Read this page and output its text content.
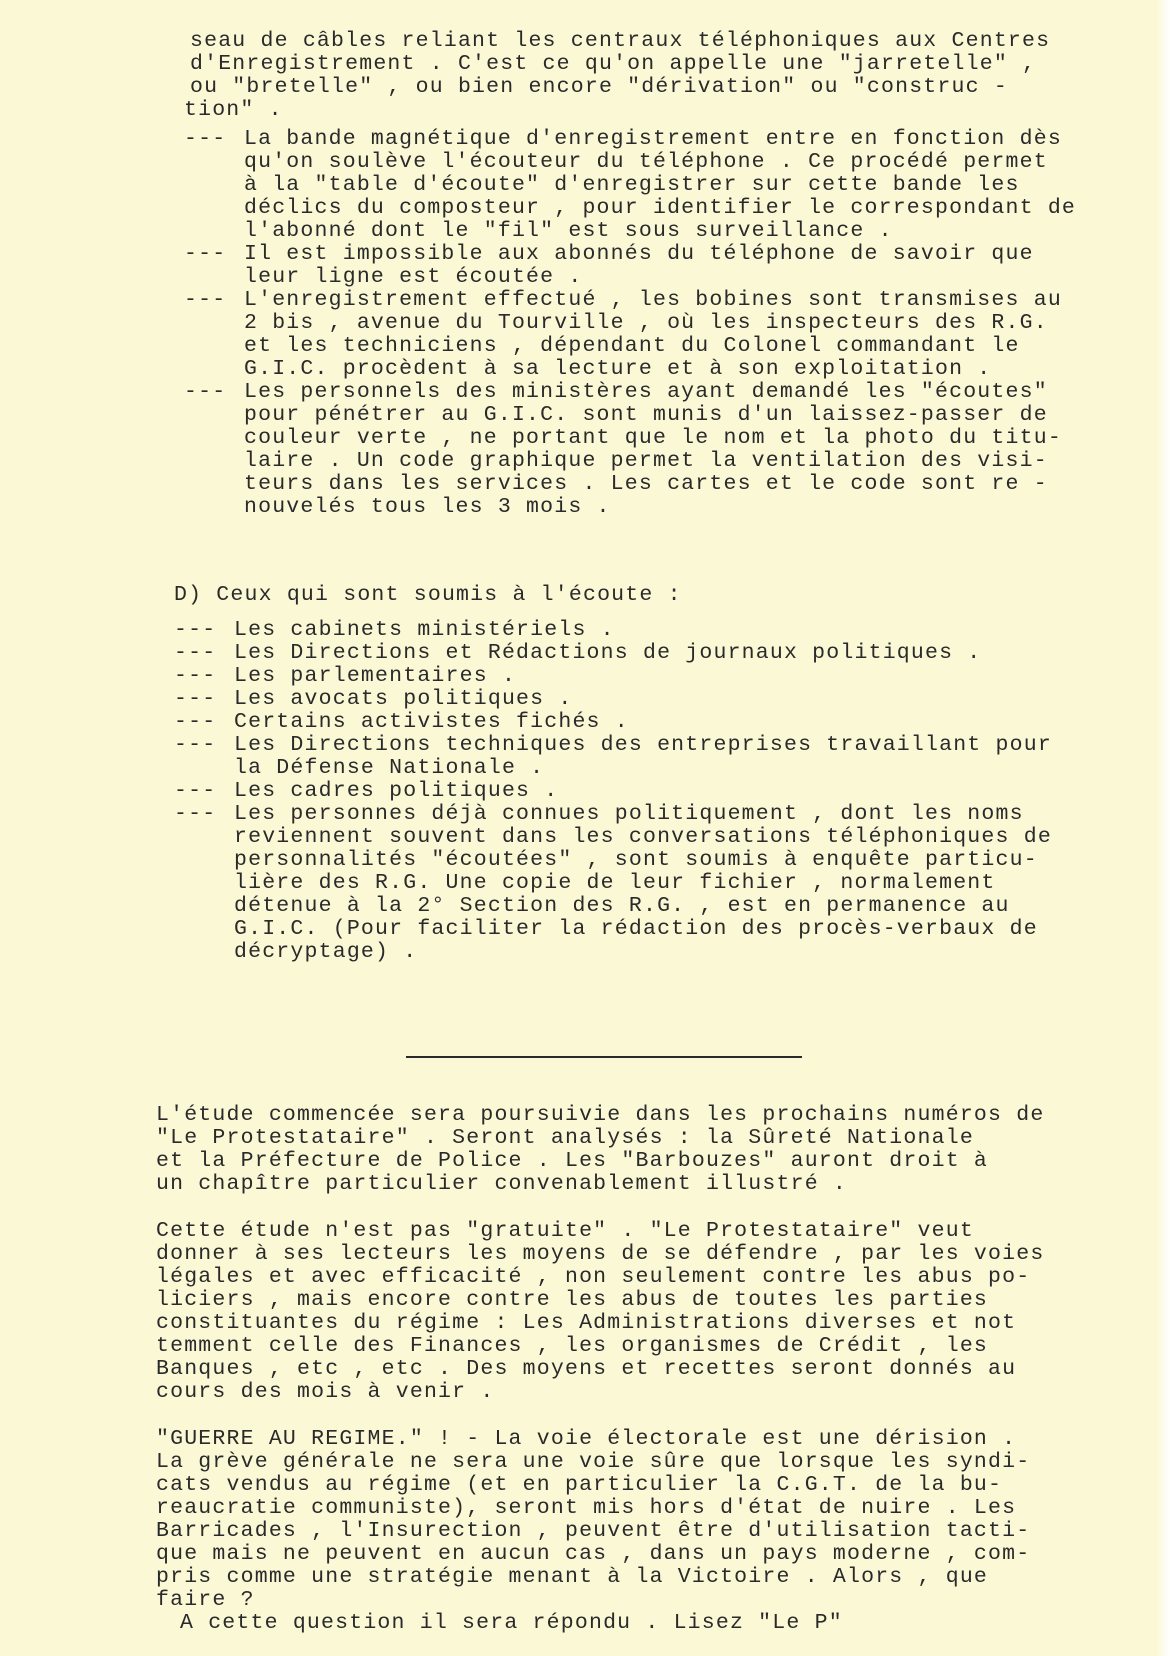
seau de câbles reliant les centraux téléphoniques aux Centres
d'Enregistrement . C'est ce qu'on appelle une "jarretelle" ,
ou "bretelle" , ou bien encore "dérivation" ou "construc -
tion" .
--- La bande magnétique d'enregistrement entre en fonction dès
qu'on soulève l'écouteur du téléphone . Ce procédé permet
à la "table d'écoute" d'enregistrer sur cette bande les
déclics du composteur , pour identifier le correspondant de
l'abonné dont le "fil" est sous surveillance .
--- Il est impossible aux abonnés du téléphone de savoir que
leur ligne est écoutée .
--- L'enregistrement effectué , les bobines sont transmises au
2 bis , avenue du Tourville , où les inspecteurs des R.G.
et les techniciens , dépendant du Colonel commandant le
G.I.C. procèdent à sa lecture et à son exploitation .
--- Les personnels des ministères ayant demandé les "écoutes"
pour pénétrer au G.I.C. sont munis d'un laissez-passer de
couleur verte , ne portant que le nom et la photo du titu-
laire . Un code graphique permet la ventilation des visi-
teurs dans les services . Les cartes et le code sont re -
nouvelés tous les 3 mois .
D) Ceux qui sont soumis à l'écoute :
--- Les cabinets ministériels .
--- Les Directions et Rédactions de journaux politiques .
--- Les parlementaires .
--- Les avocats politiques .
--- Certains activistes fichés .
--- Les Directions techniques des entreprises travaillant pour
la Défense Nationale .
--- Les cadres politiques .
--- Les personnes déjà connues politiquement , dont les noms
reviennent souvent dans les conversations téléphoniques de
personnalités "écoutées" , sont soumis à enquête particu-
lière des R.G. Une copie de leur fichier , normalement
détenue à la 2° Section des R.G. , est en permanence au
G.I.C. (Pour faciliter la rédaction des procès-verbaux de
décryptage) .
L'étude commencée sera poursuivie dans les prochains numéros de
"Le Protestataire" . Seront analysés : la Sûreté Nationale
et la Préfecture de Police . Les "Barbouzes" auront droit à
un chapître particulier convenablement illustré .
Cette étude n'est pas "gratuite" . "Le Protestataire" veut
donner à ses lecteurs les moyens de se défendre , par les voies
légales et avec efficacité , non seulement contre les abus po-
liciers , mais encore contre les abus de toutes les parties
constituantes du régime : Les Administrations diverses et not
temment celle des Finances , les organismes de Crédit , les
Banques , etc , etc . Des moyens et recettes seront donnés au
cours des mois à venir .
"GUERRE AU REGIME." ! - La voie électorale est une dérision .
La grève générale ne sera une voie sûre que lorsque les syndi-
cats vendus au régime (et en particulier la C.G.T. de la bu-
reaucratie communiste), seront mis hors d'état de nuire . Les
Barricades , l'Insurection , peuvent être d'utilisation tacti-
que mais ne peuvent en aucun cas , dans un pays moderne , com-
pris comme une stratégie menant à la Victoire . Alors , que
faire ?
A cette question il sera répondu . Lisez "Le P"
